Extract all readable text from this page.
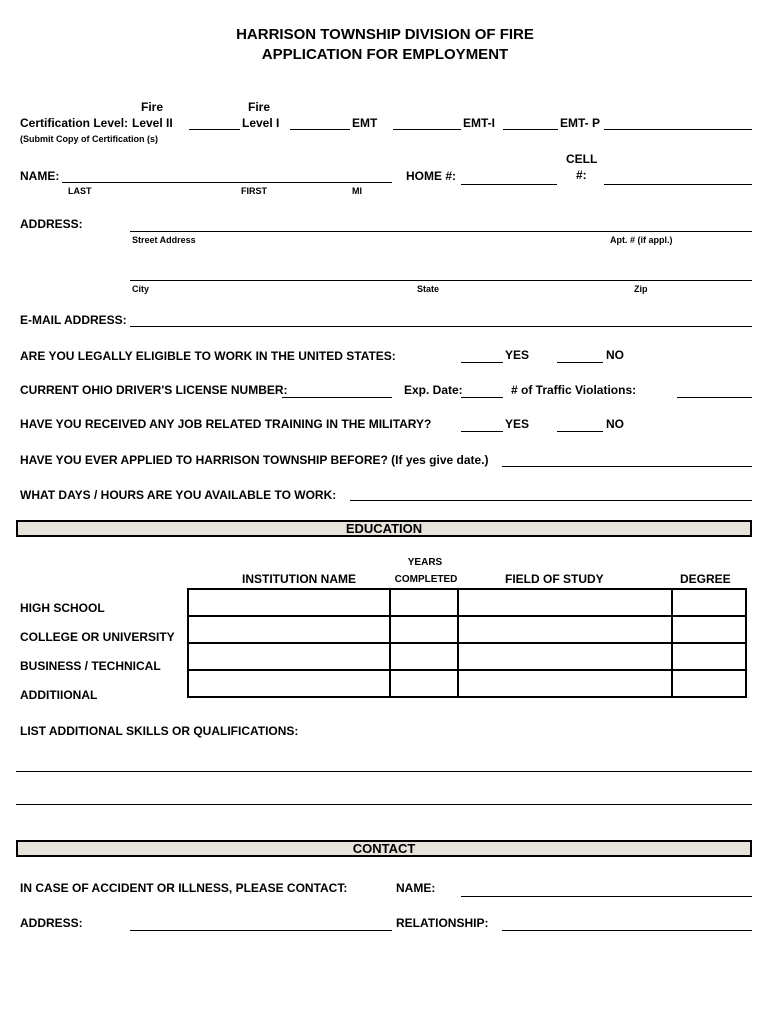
HARRISON TOWNSHIP DIVISION OF FIRE
APPLICATION FOR EMPLOYMENT
Fire	Fire
Certification Level: Level II	Level I	EMT	EMT-I	EMT- P
(Submit Copy of Certification (s)
CELL
NAME:	HOME #:	#:
LAST	FIRST	MI
ADDRESS:
Street Address	Apt. # (if appl.)
City	State	Zip
E-MAIL ADDRESS:
ARE YOU LEGALLY ELIGIBLE TO WORK IN THE UNITED STATES:	YES	NO
CURRENT OHIO DRIVER'S LICENSE NUMBER:	Exp. Date:	# of Traffic Violations:
HAVE YOU RECEIVED ANY JOB RELATED TRAINING IN THE MILITARY?	YES	NO
HAVE YOU EVER APPLIED TO HARRISON TOWNSHIP BEFORE? (If yes give date.)
WHAT DAYS / HOURS ARE YOU AVAILABLE TO WORK:
EDUCATION
YEARS
INSTITUTION NAME	COMPLETED	FIELD OF STUDY	DEGREE
HIGH SCHOOL
COLLEGE OR UNIVERSITY
BUSINESS / TECHNICAL
ADDITIIONAL

LIST ADDITIONAL SKILLS OR QUALIFICATIONS:
CONTACT
IN CASE OF ACCIDENT OR ILLNESS, PLEASE CONTACT:	NAME:
ADDRESS:	RELATIONSHIP:
